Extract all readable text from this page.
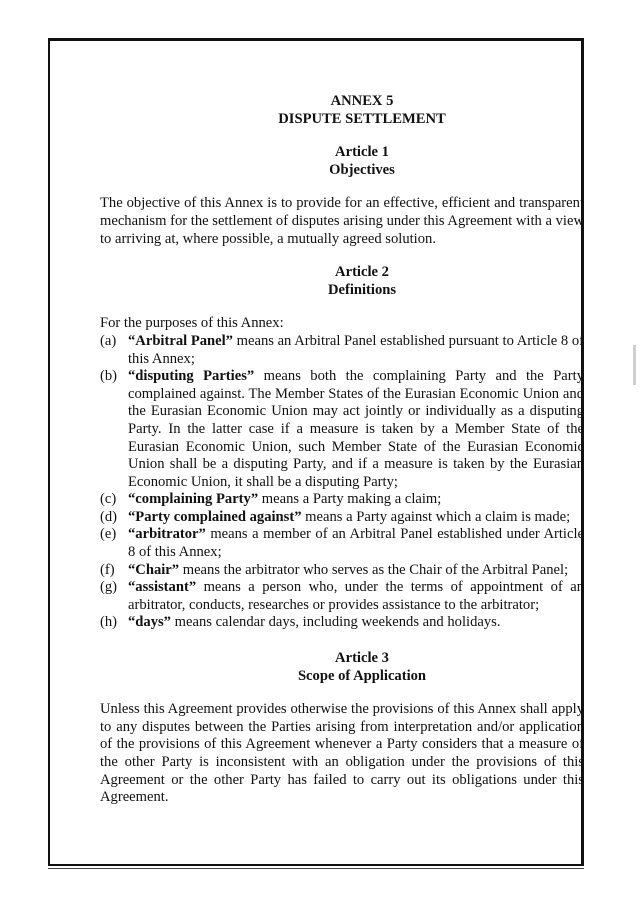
ANNEX 5
DISPUTE SETTLEMENT
Article 1
Objectives

The objective of this Annex is to provide for an effective, efficient and transparent mechanism for the settlement of disputes arising under this Agreement with a view to arriving at, where possible, a mutually agreed solution.

Article 2
Definitions

For the purposes of this Annex:

(a) “Arbitral Panel” means an Arbitral Panel established pursuant to Article 8 of this Annex;
(b) “disputing Parties” means both the complaining Party and the Party complained against. The Member States of the Eurasian Economic Union and the Eurasian Economic Union may act jointly or individually as a disputing Party. In the latter case if a measure is taken by a Member State of the Eurasian Economic Union, such Member State of the Eurasian Economic Union shall be a disputing Party, and if a measure is taken by the Eurasian Economic Union, it shall be a disputing Party;
(c) “complaining Party” means a Party making a claim;
(d) “Party complained against” means a Party against which a claim is made;
(e) “arbitrator” means a member of an Arbitral Panel established under Article 8 of this Annex;
(f) “Chair” means the arbitrator who serves as the Chair of the Arbitral Panel;
(g) “assistant” means a person who, under the terms of appointment of an arbitrator, conducts, researches or provides assistance to the arbitrator;
(h) “days” means calendar days, including weekends and holidays.
Article 3
Scope of Application

Unless this Agreement provides otherwise the provisions of this Annex shall apply to any disputes between the Parties arising from interpretation and/or application of the provisions of this Agreement whenever a Party considers that a measure of the other Party is inconsistent with an obligation under the provisions of this Agreement or the other Party has failed to carry out its obligations under this Agreement.
